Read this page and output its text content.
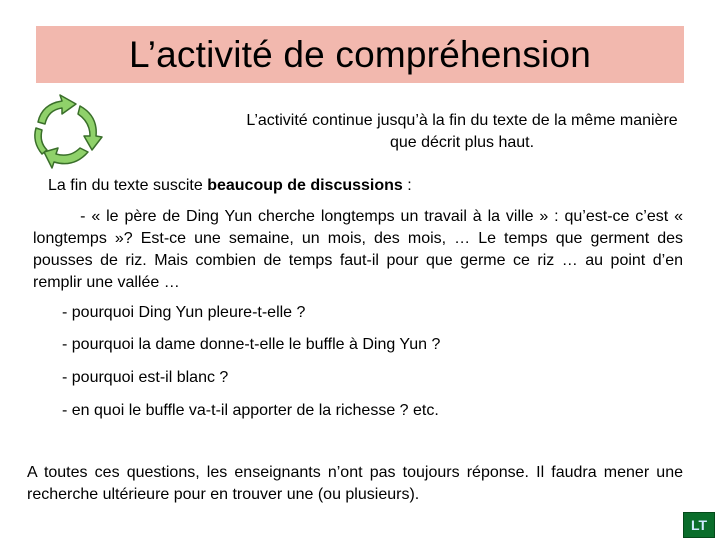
L’activité de compréhension
L’activité continue jusqu’à la fin du texte de la même manière que décrit plus haut.
La fin du texte suscite beaucoup de discussions :
- « le père de Ding Yun cherche longtemps un travail à la ville » : qu’est-ce c’est « longtemps »? Est-ce une semaine, un mois, des mois, … Le temps que germent des pousses de riz. Mais combien de temps faut-il pour que germe ce riz … au point d’en remplir une vallée …
- pourquoi Ding Yun pleure-t-elle ?
- pourquoi la dame donne-t-elle le buffle à Ding Yun ?
- pourquoi est-il blanc ?
- en quoi le buffle va-t-il apporter de la richesse ? etc.
A toutes ces questions, les enseignants n’ont pas toujours réponse. Il faudra mener une recherche ultérieure pour en trouver une (ou plusieurs).
LT
